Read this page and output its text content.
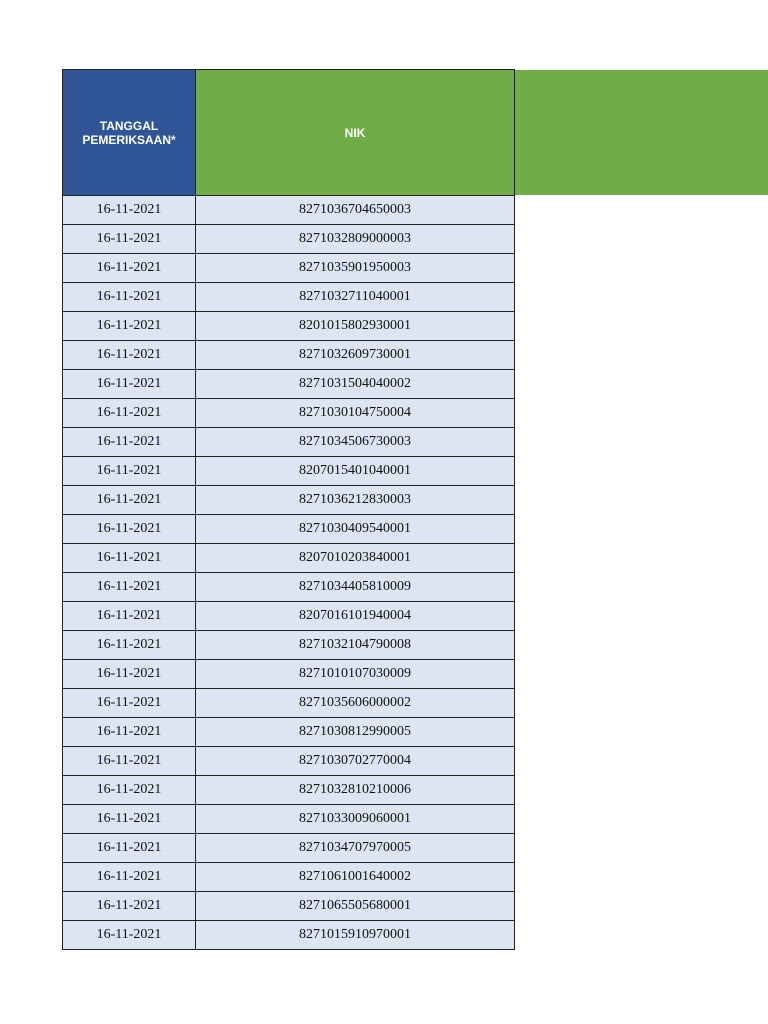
TANGGAL
PEMERIKSAAN*	NIK

16-11-2021	8271036704650003
16-11-2021	8271032809000003
16-11-2021	8271035901950003
16-11-2021	8271032711040001
16-11-2021	8201015802930001
16-11-2021	8271032609730001
16-11-2021	8271031504040002
16-11-2021	8271030104750004
16-11-2021	8271034506730003
16-11-2021	8207015401040001
16-11-2021	8271036212830003
16-11-2021	8271030409540001
16-11-2021	8207010203840001
16-11-2021	8271034405810009
16-11-2021	8207016101940004
16-11-2021	8271032104790008
16-11-2021	8271010107030009
16-11-2021	8271035606000002
16-11-2021	8271030812990005
16-11-2021	8271030702770004
16-11-2021	8271032810210006
16-11-2021	8271033009060001
16-11-2021	8271034707970005
16-11-2021	8271061001640002
16-11-2021	8271065505680001
16-11-2021	8271015910970001
